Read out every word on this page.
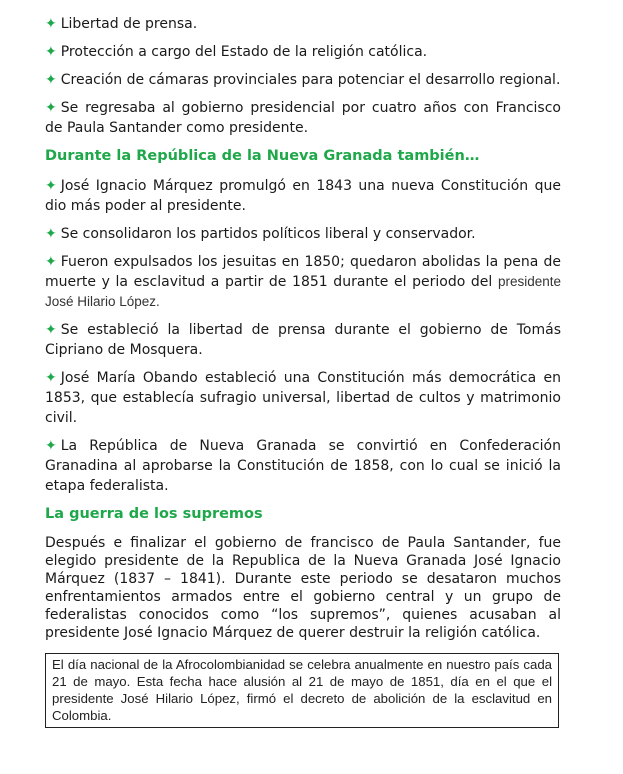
✦ Libertad de prensa.
✦ Protección a cargo del Estado de la religión católica.
✦ Creación de cámaras provinciales para potenciar el desarrollo regional.
✦ Se regresaba al gobierno presidencial por cuatro años con Francisco de Paula Santander como presidente.
Durante la República de la Nueva Granada también…
✦ José Ignacio Márquez promulgó en 1843 una nueva Constitución que dio más poder al presidente.
✦ Se consolidaron los partidos políticos liberal y conservador.
✦ Fueron expulsados los jesuitas en 1850; quedaron abolidas la pena de muerte y la esclavitud a partir de 1851 durante el periodo del presidente José Hilario López.
✦ Se estableció la libertad de prensa durante el gobierno de Tomás Cipriano de Mosquera.
✦ José María Obando estableció una Constitución más democrática en 1853, que establecía sufragio universal, libertad de cultos y matrimonio civil.
✦ La República de Nueva Granada se convirtió en Confederación Granadina al aprobarse la Constitución de 1858, con lo cual se inició la etapa federalista.
La guerra de los supremos
Después e finalizar el gobierno de francisco de Paula Santander, fue elegido presidente de la Republica de la Nueva Granada José Ignacio Márquez (1837 – 1841). Durante este periodo se desataron muchos enfrentamientos armados entre el gobierno central y un grupo de federalistas conocidos como “los supremos”, quienes acusaban al presidente José Ignacio Márquez de querer destruir la religión católica.
El día nacional de la Afrocolombianidad se celebra anualmente en nuestro país cada 21 de mayo. Esta fecha hace alusión al 21 de mayo de 1851, día en el que el presidente José Hilario López, firmó el decreto de abolición de la esclavitud en Colombia.
